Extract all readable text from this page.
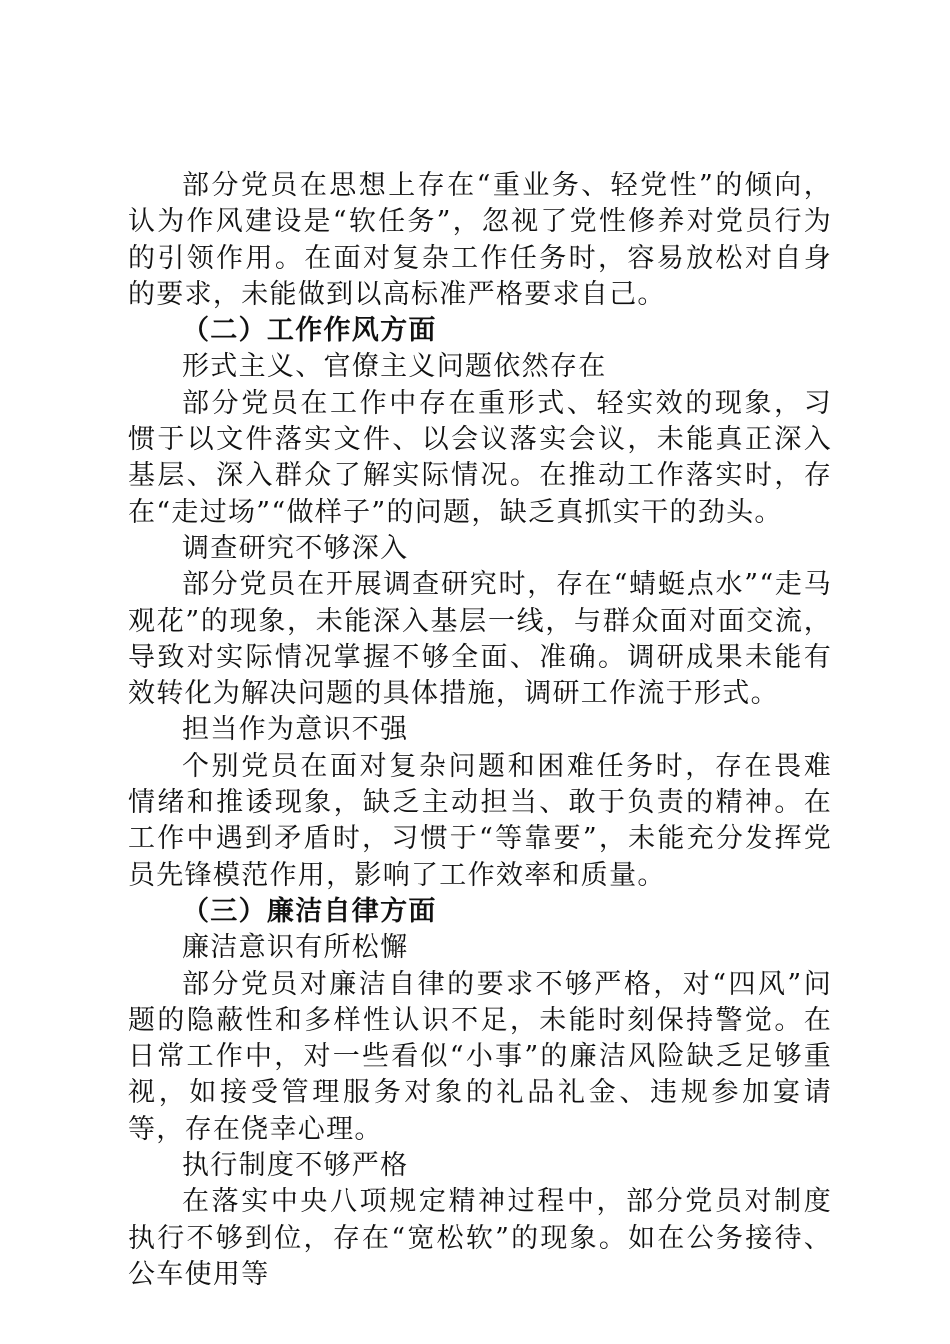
部分党员在思想上存在“重业务、轻党性”的倾向，认为作风建设是“软任务”，忽视了党性修养对党员行为的引领作用。在面对复杂工作任务时，容易放松对自身的要求，未能做到以高标准严格要求自己。

（二）工作作风方面

形式主义、官僚主义问题依然存在

部分党员在工作中存在重形式、轻实效的现象，习惯于以文件落实文件、以会议落实会议，未能真正深入基层、深入群众了解实际情况。在推动工作落实时，存在“走过场”“做样子”的问题，缺乏真抓实干的劲头。

调查研究不够深入

部分党员在开展调查研究时，存在“蜻蜓点水”“走马观花”的现象，未能深入基层一线，与群众面对面交流，导致对实际情况掌握不够全面、准确。调研成果未能有效转化为解决问题的具体措施，调研工作流于形式。

担当作为意识不强

个别党员在面对复杂问题和困难任务时，存在畏难情绪和推诿现象，缺乏主动担当、敢于负责的精神。在工作中遇到矛盾时，习惯于“等靠要”，未能充分发挥党员先锋模范作用，影响了工作效率和质量。

（三）廉洁自律方面

廉洁意识有所松懈

部分党员对廉洁自律的要求不够严格，对“四风”问题的隐蔽性和多样性认识不足，未能时刻保持警觉。在日常工作中，对一些看似“小事”的廉洁风险缺乏足够重视，如接受管理服务对象的礼品礼金、违规参加宴请等，存在侥幸心理。

执行制度不够严格

在落实中央八项规定精神过程中，部分党员对制度执行不够到位，存在“宽松软”的现象。如在公务接待、公车使用等
